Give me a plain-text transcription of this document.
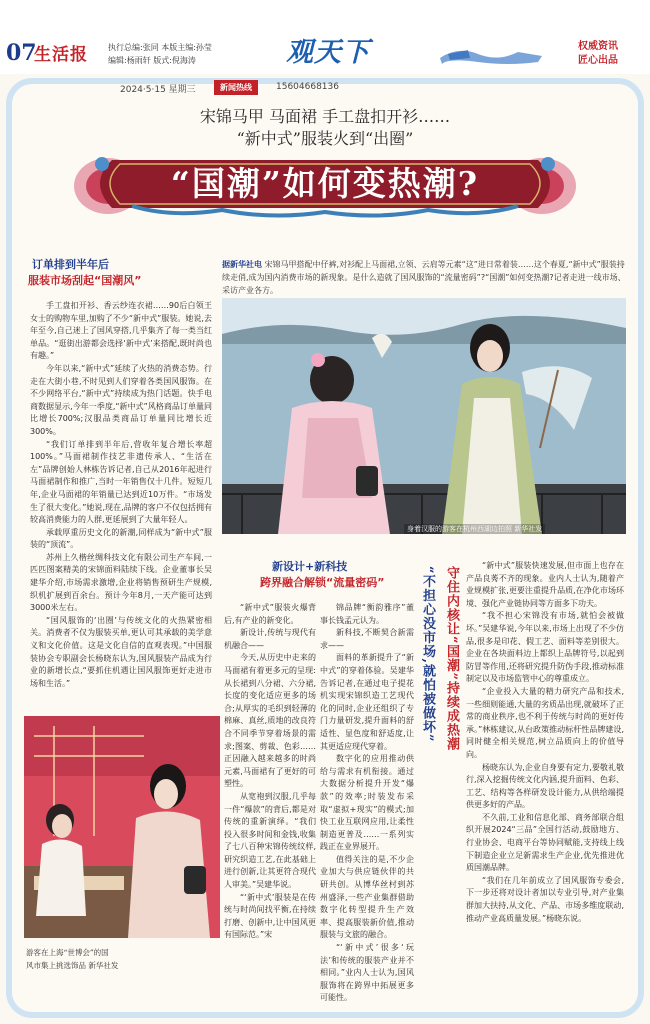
07
生活报	执行总编:张同 本版主编:孙莹
编辑:杨雨轩 版式:倪海涛	观天下	权威资讯
匠心出品
2024·5·15 星期三	新闻热线	15604668136
宋锦马甲 马面裙 手工盘扣开衫……
“新中式”服装火到“出圈”
“国潮”如何变热潮?
据新华社电 宋锦马甲搭配中仔裤,对衫配上马面裙,立领、云肩等元素“这”进日常着装……这个春夏,“新中式”服装持续走俏,成为国内消费市场的新现象。是什么造就了国风服饰的“流量密码”?“国潮”如何变热潮?记者走进一线市场、采访产业各方。
身着汉服的游客在杭州西湖边拍照 新华社发
订单排到半年后
服装市场刮起“国潮风”

手工盘扣开衫、香云纱连衣裙……90后白领王女士的购物车里,加购了不少“新中式”服装。她说,去年至今,自己迷上了国风穿搭,几乎集齐了每一类当红单品。“逛街出游都会选择‘新中式’来搭配,既时尚也有趣。”

今年以来,“新中式”延续了火热的消费态势。行走在大街小巷,不时见到人们穿着各类国风服饰。在不少网络平台,“新中式”持续成为热门话题。快手电商数据显示,今年一季度,“新中式”风格商品订单量同比增长700%;汉服品类商品订单量同比增长近300%。

“我们订单排到半年后,营收年复合增长率超100%。”马面裙制作技艺非遗传承人、“生活在左”品牌创始人林栋告诉记者,自己从2016年起进行马面裙制作和推广,当时一年销售仅十几件。短短几年,企业马面裙的年销量已达到近10万件。“市场发生了很大变化。”她说,现在,品牌的客户不仅包括拥有较高消费能力的人群,更延展到了大量年轻人。

承载厚重历史文化的新潮,同样成为“新中式”服装的“顶流”。

苏州上久楷丝绸科技文化有限公司生产车间,一匹匹图案精美的宋锦面料陆续下线。企业董事长吴建华介绍,市场需求激增,企业将销售预研生产规模,织机扩展到百余台。预计今年8月,一天产能可达到3000米左右。

“国风服饰的‘出圈’与传统文化的火热紧密相关。消费者不仅为服装买单,更认可其承载的美学意义和文化价值。这是文化自信的直观表现。”中国服装协会专职副会长杨晓东认为,国风服装产品成为行业的新增长点,“要抓住机遇让国风服饰更好走进市场和生活。”

游客在上海“世博会”的国
风市集上挑选饰品 新华社发
新设计+新科技
跨界融合解锁“流量密码”

“新中式”服装火爆背后,有产业的新变化。

新设计,传统与现代有机融合——

今天,从历史中走来的马面裙有着更多元的呈现:从长裙到八分裙、六分裙,长度的变化适应更多的场合;从厚实的毛织到轻薄的棉麻、真丝,质地的改良符合不同季节穿着场景的需求;图案、剪裁、色彩……正因融入越来越多的时尚元素,马面裙有了更好的可塑性。

从宽袍到汉服,几乎每一件“爆款”的背后,都是对传统的重新演绎。“我们投入很多时间和金钱,收集了七八百种宋锦传统纹样,研究织造工艺,在此基础上进行创新,让其更符合现代人审美。”吴建华说。

“‘新中式’服装是在传统与时尚间找平衡,在持续打磨、创新中,让中国风更有国际范。”宋

锦品牌“衡韵雅序”董事长钱孟元认为。

新科技,不断契合新需求——

面料的革新提升了“新中式”的穿着体验。吴建华告诉记者,在通过电子提花机实现宋锦织造工艺现代化的同时,企业还组织了专门力量研发,提升面料的舒适性、显色度和舒适度,让其更适应现代穿着。

数字化的应用推动供给与需求有机衔接。通过大数据分析提升开发“爆款”的效率;时装发布采取“虚拟+现实”的模式;加快工业互联网应用,让柔性制造更普及……一系列实践正在业界展开。

值得关注的是,不少企业加大与供应链伙伴的共研共创。从博华丝村到苏州盛泽,一些产业集群借助数字化转型提升生产效率、提高服装新价值,推动服装与文旅的融合。

“‘新中式’很多‘玩法’和传统的服装产业并不相同。”业内人士认为,国风服饰将在跨界中拓展更多可能性。

守住内核让“国潮”持续成热潮
“不担心没市场,就怕被做坏”

“新中式”服装快速发展,但市面上也存在产品良莠不齐的现象。业内人士认为,随着产业规模扩张,更要注重提升品质,在净化市场环境、强化产业链协同等方面多下功夫。

“我不担心宋锦没有市场,就怕会被做坏。”吴建华说,今年以来,市场上出现了不少仿品,很多是印花、假工艺、面料等差别很大。企业在各块面料边上都织上品牌符号,以起到防冒等作用,还将研究提升防伪手段,推动标准制定以及市场监管中心的尊重成立。

“企业投入大量的精力研究产品和技术,一些细则能通,大量的劣质品出现,就破坏了正常的商业秩序,也不利于传统与时尚的更好传承。”林栋建议,从台政策推动标杆性品牌建设,同时健全相关规范,树立品质向上的价值导向。

杨晓东认为,企业自身要有定力,要敬礼敬行,深入挖掘传统文化内涵,提升面料、色彩、工艺、结构等各样研发设计能力,从供给端提供更多好的产品。

不久前,工业和信息化部、商务部联合组织开展2024“三品”全国行活动,鼓励地方、行业协会、电商平台等协同赋能,支持线上线下制造企业立足新需求生产企业,优先推进优质国潮品牌。

“我们在几年前成立了国风服饰专委会,下一步还将对设计者加以专业引导,对产业集群加大扶持,从文化、产品、市场多维度联动,推动产业高质量发展。”杨晓东说。
